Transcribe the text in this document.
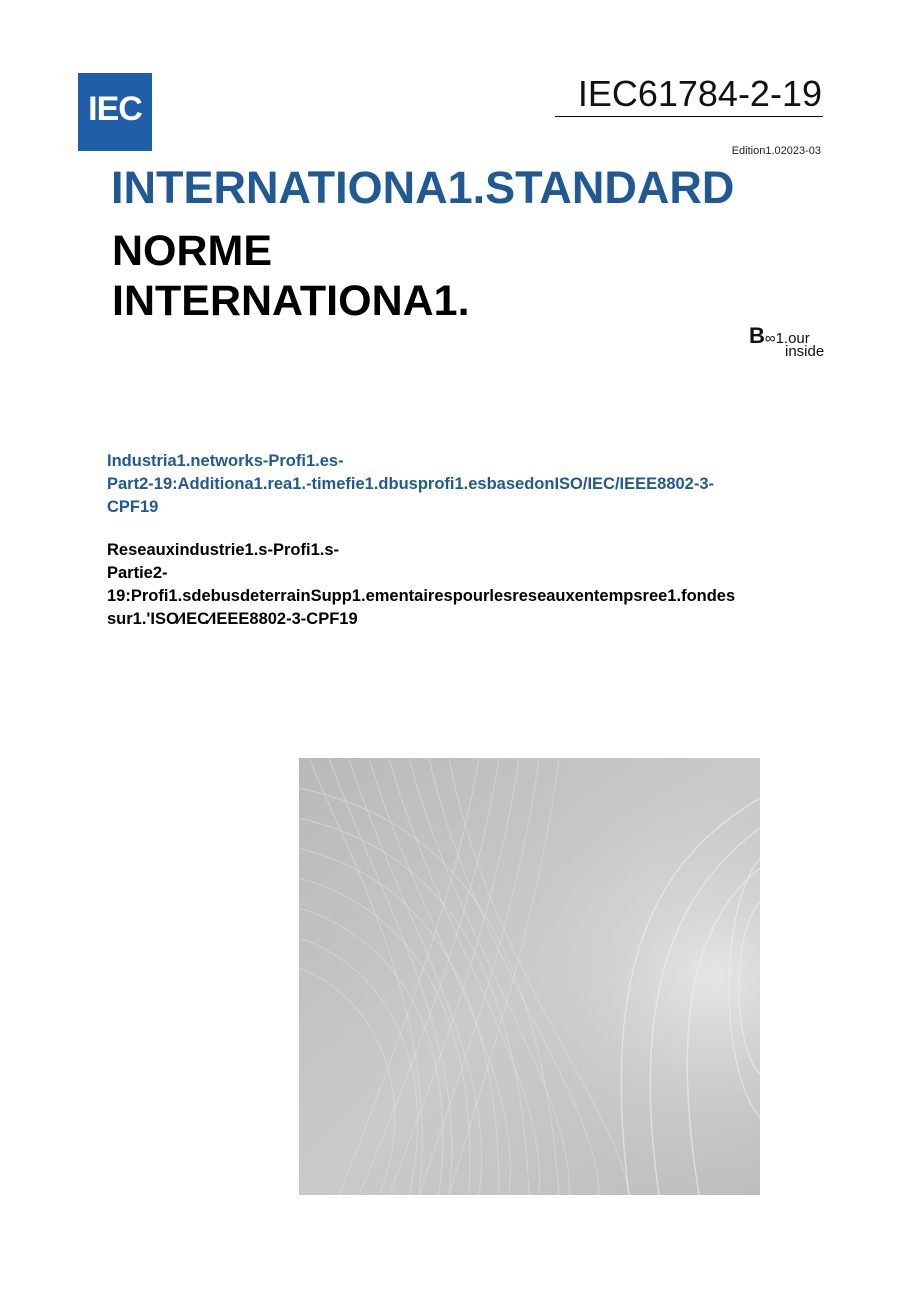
IEC	IEC61784-2-19
Edition1.02023-03
INTERNATIONA1.STANDARD
NORME
INTERNATIONA1.
B∞1.our
inside
Industria1.networks-Profi1.es-
Part2-19:Additiona1.rea1.-timefie1.dbusprofi1.esbasedonISO/IEC/IEEE8802-3-
CPF19
Reseauxindustrie1.s-Profi1.s-
Partie2-
19:Profi1.sdebusdeterrainSupp1.ementairespourlesreseauxentempsree1.fondes
sur1.'ISO⁄IEC⁄IEEE8802-3-CPF19
